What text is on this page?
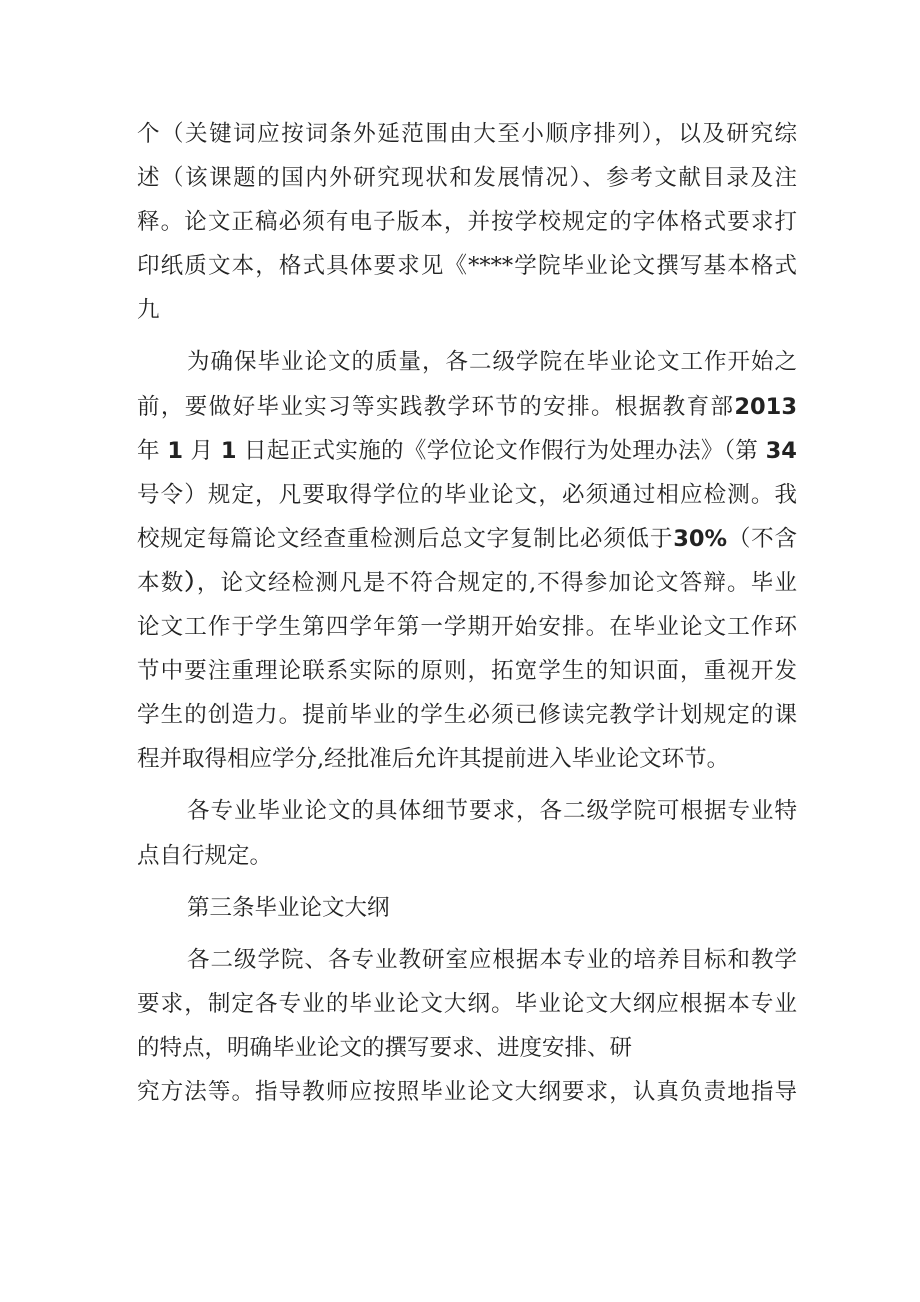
个（关键词应按词条外延范围由大至小顺序排列），以及研究综
述（该课题的国内外研究现状和发展情况）、参考文献目录及注
释。论文正稿必须有电子版本，并按学校规定的字体格式要求打
印纸质文本，格式具体要求见《****学院毕业论文撰写基本格式
九
为确保毕业论文的质量，各二级学院在毕业论文工作开始之
前，要做好毕业实习等实践教学环节的安排。根据教育部2013
年 1 月 1 日起正式实施的《学位论文作假行为处理办法》（第 34
号令）规定，凡要取得学位的毕业论文，必须通过相应检测。我
校规定每篇论文经查重检测后总文字复制比必须低于30%（不含
本数），论文经检测凡是不符合规定的,不得参加论文答辩。毕业
论文工作于学生第四学年第一学期开始安排。在毕业论文工作环
节中要注重理论联系实际的原则，拓宽学生的知识面，重视开发
学生的创造力。提前毕业的学生必须已修读完教学计划规定的课
程并取得相应学分,经批准后允许其提前进入毕业论文环节。
各专业毕业论文的具体细节要求，各二级学院可根据专业特
点自行规定。
第三条毕业论文大纲
各二级学院、各专业教研室应根据本专业的培养目标和教学
要求，制定各专业的毕业论文大纲。毕业论文大纲应根据本专业
的特点，明确毕业论文的撰写要求、进度安排、研
究方法等。指导教师应按照毕业论文大纲要求，认真负责地指导
